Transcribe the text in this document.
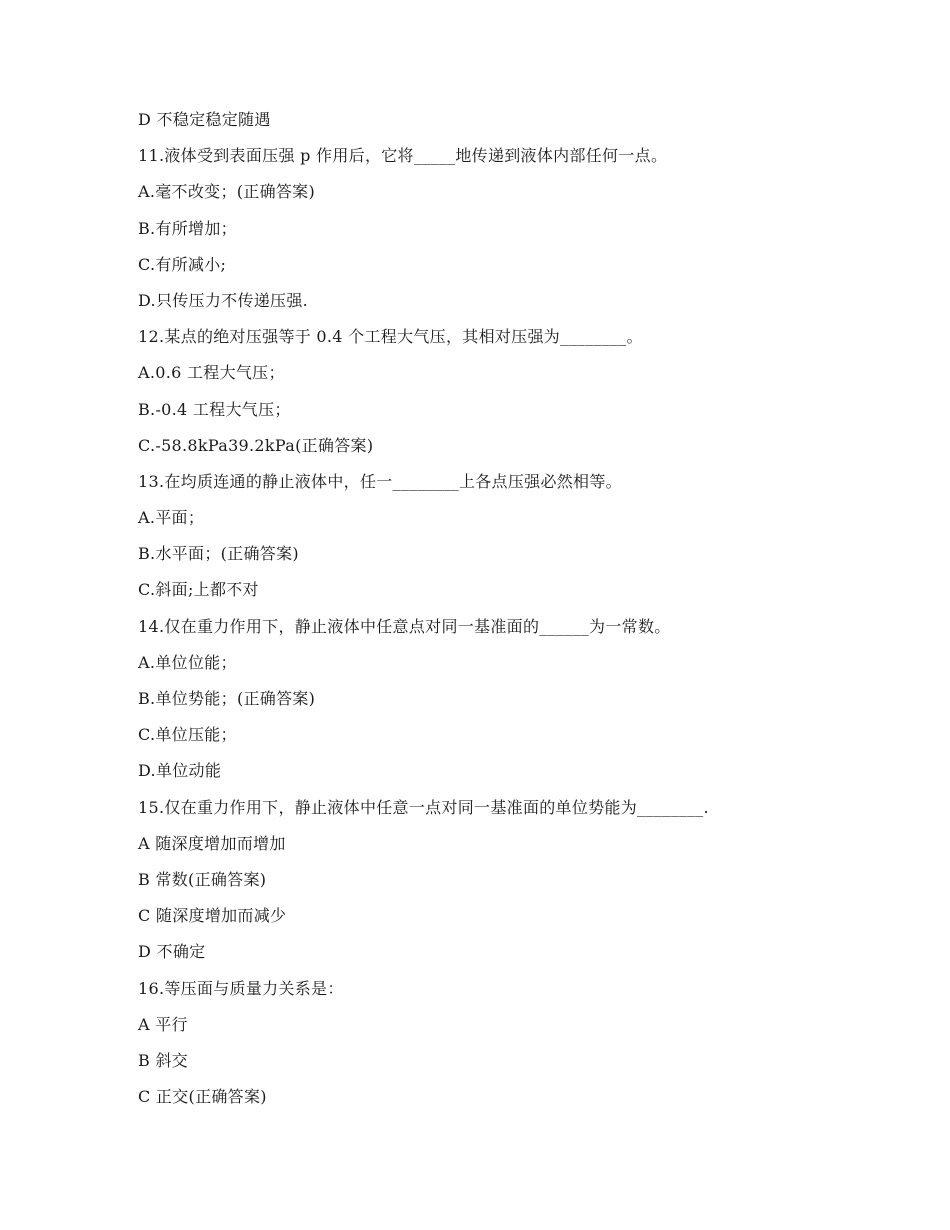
D 不稳定稳定随遇
11.液体受到表面压强 p 作用后，它将_____地传递到液体内部任何一点。
A.毫不改变；(正确答案)
B.有所增加；
C.有所减小;
D.只传压力不传递压强.
12.某点的绝对压强等于 0.4 个工程大气压，其相对压强为________。
A.0.6 工程大气压；
B.-0.4 工程大气压；
C.-58.8kPa39.2kPa(正确答案)
13.在均质连通的静止液体中，任一________上各点压强必然相等。
A.平面；
B.水平面；(正确答案)
C.斜面;上都不对
14.仅在重力作用下，静止液体中任意点对同一基准面的______为一常数。
A.单位位能；
B.单位势能；(正确答案)
C.单位压能；
D.单位动能
15.仅在重力作用下，静止液体中任意一点对同一基准面的单位势能为________.
A 随深度增加而增加
B 常数(正确答案)
C 随深度增加而减少
D 不确定
16.等压面与质量力关系是：
A 平行
B 斜交
C 正交(正确答案)
